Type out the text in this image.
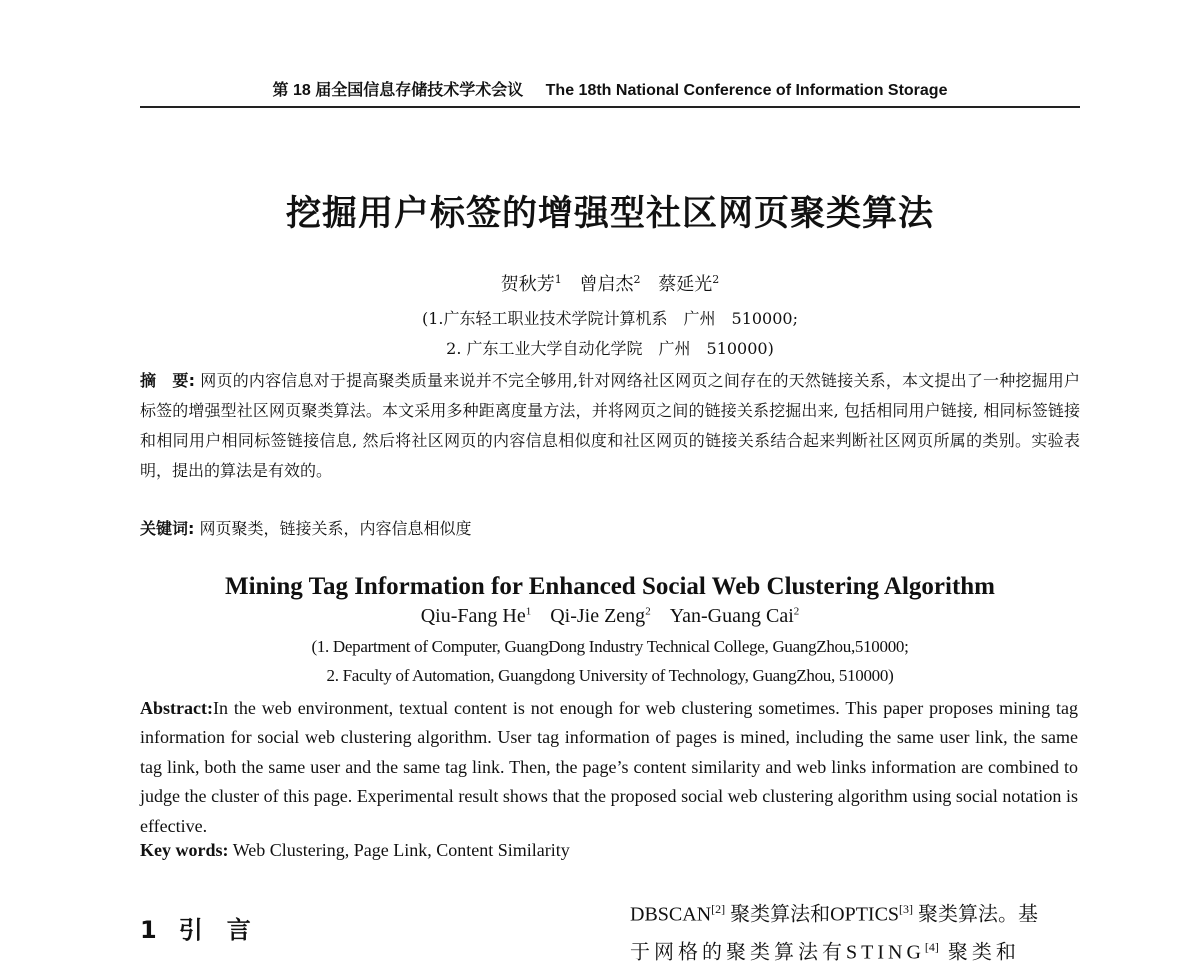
第 18 届全国信息存储技术学术会议 The 18th National Conference of Information Storage
挖掘用户标签的增强型社区网页聚类算法
贺秋芳$^1$ 曾启杰$^2$ 蔡延光$^2$
(1.广东轻工职业技术学院计算机系　广州　510000;
2. 广东工业大学自动化学院　广州　510000)
摘　要: 网页的内容信息对于提高聚类质量来说并不完全够用,针对网络社区网页之间存在的天然链接关系，本文提出了一种挖掘用户标签的增强型社区网页聚类算法。本文采用多种距离度量方法，并将网页之间的链接关系挖掘出来, 包括相同用户链接, 相同标签链接和相同用户相同标签链接信息, 然后将社区网页的内容信息相似度和社区网页的链接关系结合起来判断社区网页所属的类别。实验表明，提出的算法是有效的。
关键词: 网页聚类，链接关系，内容信息相似度
Mining Tag Information for Enhanced Social Web Clustering Algorithm
Qiu-Fang He$^1$ Qi-Jie Zeng$^2$ Yan-Guang Cai$^2$
(1. Department of Computer, GuangDong Industry Technical College, GuangZhou,510000;
2. Faculty of Automation, Guangdong University of Technology, GuangZhou, 510000)
Abstract:In the web environment, textual content is not enough for web clustering sometimes. This paper proposes mining tag information for social web clustering algorithm. User tag information of pages is mined, including the same user link, the same tag link, both the same user and the same tag link. Then, the page’s content similarity and web links information are combined to judge the cluster of this page. Experimental result shows that the proposed social web clustering algorithm using social notation is effective.
Key words: Web Clustering, Page Link, Content Similarity
1 引　言
DBSCAN[2] 聚类算法和OPTICS[3] 聚类算法。基
于网格的聚类算法有STING[4] 聚类和
